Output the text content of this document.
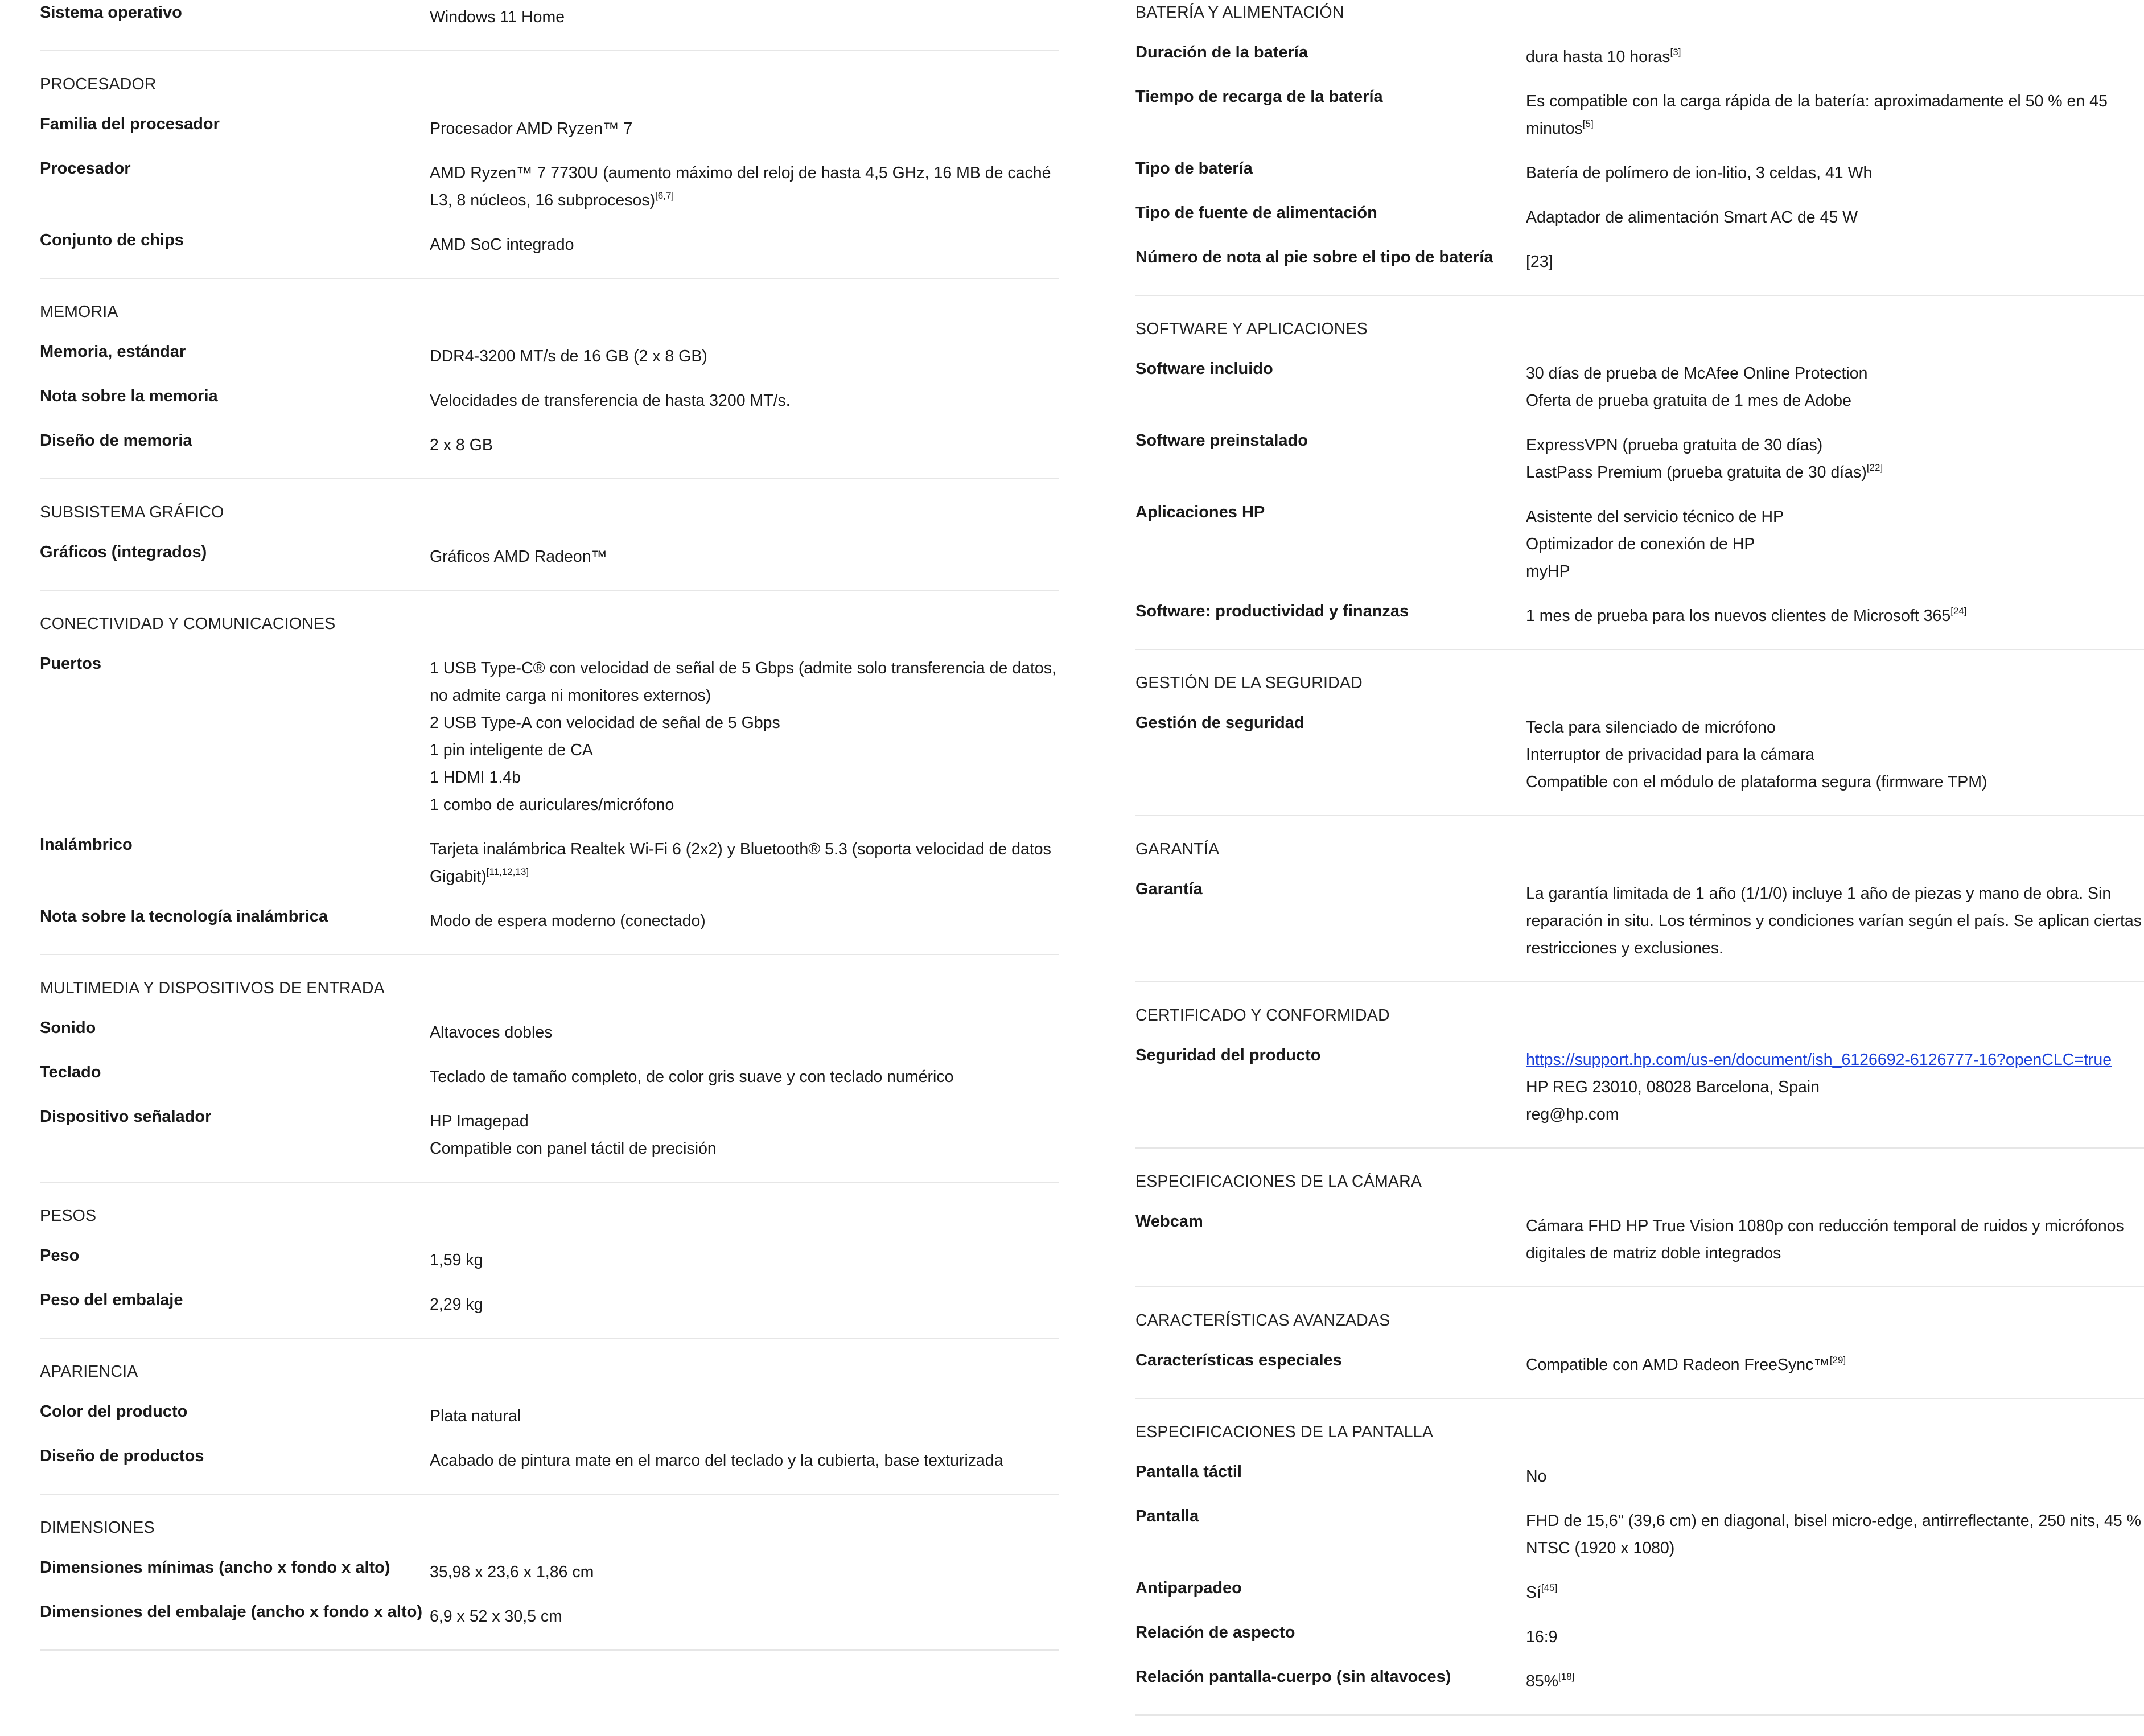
Sistema operativo	Windows 11 Home
PROCESADOR
Familia del procesador	Procesador AMD Ryzen™ 7
Procesador	AMD Ryzen™ 7 7730U (aumento máximo del reloj de hasta 4,5 GHz, 16 MB de caché L3, 8 núcleos, 16 subprocesos)[6,7]
Conjunto de chips	AMD SoC integrado
MEMORIA
Memoria, estándar	DDR4-3200 MT/s de 16 GB (2 x 8 GB)
Nota sobre la memoria	Velocidades de transferencia de hasta 3200 MT/s.
Diseño de memoria	2 x 8 GB
SUBSISTEMA GRÁFICO
Gráficos (integrados)	Gráficos AMD Radeon™
CONECTIVIDAD Y COMUNICACIONES
Puertos	1 USB Type-C® con velocidad de señal de 5 Gbps (admite solo transferencia de datos, no admite carga ni monitores externos)
2 USB Type-A con velocidad de señal de 5 Gbps
1 pin inteligente de CA
1 HDMI 1.4b
1 combo de auriculares/micrófono
Inalámbrico	Tarjeta inalámbrica Realtek Wi-Fi 6 (2x2) y Bluetooth® 5.3 (soporta velocidad de datos Gigabit)[11,12,13]
Nota sobre la tecnología inalámbrica	Modo de espera moderno (conectado)
MULTIMEDIA Y DISPOSITIVOS DE ENTRADA
Sonido	Altavoces dobles
Teclado	Teclado de tamaño completo, de color gris suave y con teclado numérico
Dispositivo señalador	HP Imagepad
Compatible con panel táctil de precisión
PESOS
Peso	1,59 kg
Peso del embalaje	2,29 kg
APARIENCIA
Color del producto	Plata natural
Diseño de productos	Acabado de pintura mate en el marco del teclado y la cubierta, base texturizada
DIMENSIONES
Dimensiones mínimas (ancho x fondo x alto)	35,98 x 23,6 x 1,86 cm
Dimensiones del embalaje (ancho x fondo x alto) 6,9 x 52 x 30,5 cm
BATERÍA Y ALIMENTACIÓN
Duración de la batería	dura hasta 10 horas[3]
Tiempo de recarga de la batería	Es compatible con la carga rápida de la batería: aproximadamente el 50 % en 45 minutos[5]
Tipo de batería	Batería de polímero de ion-litio, 3 celdas, 41 Wh
Tipo de fuente de alimentación	Adaptador de alimentación Smart AC de 45 W
Número de nota al pie sobre el tipo de batería	[23]
SOFTWARE Y APLICACIONES
Software incluido	30 días de prueba de McAfee Online Protection
Oferta de prueba gratuita de 1 mes de Adobe
Software preinstalado	ExpressVPN (prueba gratuita de 30 días)
LastPass Premium (prueba gratuita de 30 días)[22]
Aplicaciones HP	Asistente del servicio técnico de HP
Optimizador de conexión de HP
myHP
Software: productividad y finanzas	1 mes de prueba para los nuevos clientes de Microsoft 365[24]
GESTIÓN DE LA SEGURIDAD
Gestión de seguridad	Tecla para silenciado de micrófono
Interruptor de privacidad para la cámara
Compatible con el módulo de plataforma segura (firmware TPM)
GARANTÍA
Garantía	La garantía limitada de 1 año (1/1/0) incluye 1 año de piezas y mano de obra. Sin reparación in situ. Los términos y condiciones varían según el país. Se aplican ciertas restricciones y exclusiones.
CERTIFICADO Y CONFORMIDAD
Seguridad del producto	https://support.hp.com/us-en/document/ish_6126692-6126777-16?openCLC=true
HP REG 23010, 08028 Barcelona, Spain
reg@hp.com
ESPECIFICACIONES DE LA CÁMARA
Webcam	Cámara FHD HP True Vision 1080p con reducción temporal de ruidos y micrófonos digitales de matriz doble integrados
CARACTERÍSTICAS AVANZADAS
Características especiales	Compatible con AMD Radeon FreeSync™[29]
ESPECIFICACIONES DE LA PANTALLA
Pantalla táctil	No
Pantalla	FHD de 15,6" (39,6 cm) en diagonal, bisel micro-edge, antirreflectante, 250 nits, 45 % NTSC (1920 x 1080)
Antiparpadeo	Sí[45]
Relación de aspecto	16:9
Relación pantalla-cuerpo (sin altavoces)	85%[18]
